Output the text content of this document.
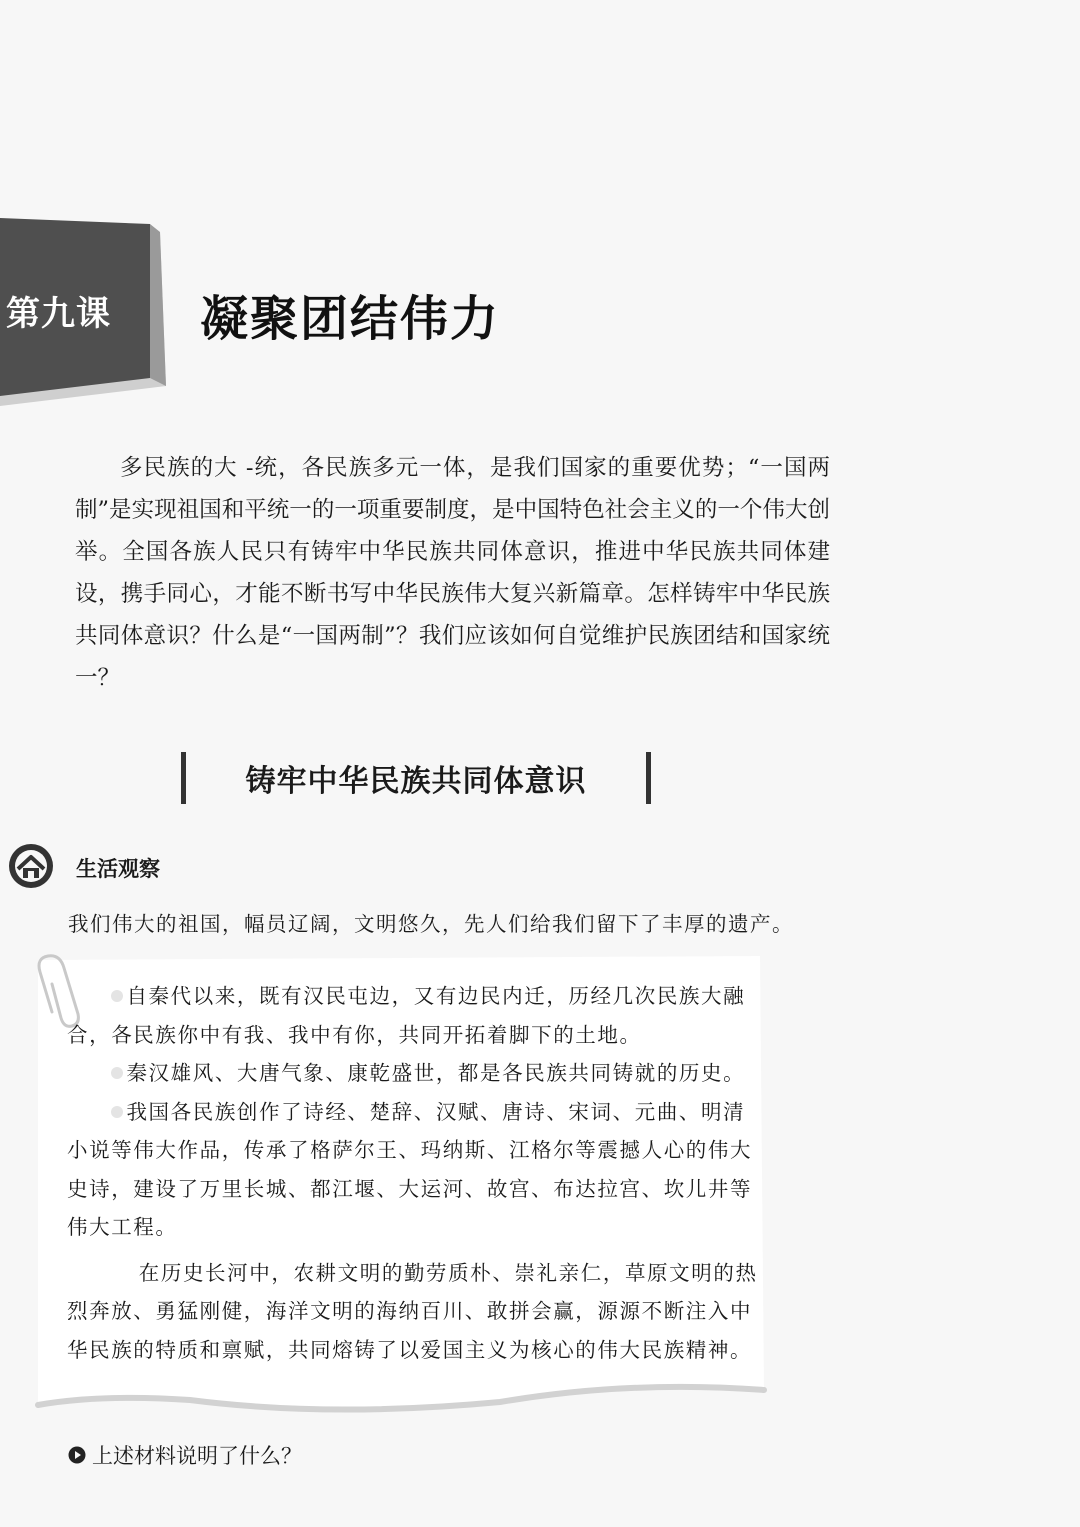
第九课 凝聚团结伟力

多民族的大 -统，各民族多元一体，是我们国家的重要优势；“一国两制”是实现祖国和平统一的一项重要制度，是中国特色社会主义的一个伟大创举。全国各族人民只有铸牢中华民族共同体意识，推进中华民族共同体建设，携手同心，才能不断书写中华民族伟大复兴新篇章。怎样铸牢中华民族共同体意识？什么是“一国两制”？我们应该如何自觉维护民族团结和国家统一？

铸牢中华民族共同体意识
生活观察

我们伟大的祖国，幅员辽阔，文明悠久，先人们给我们留下了丰厚的遗产。

自秦代以来，既有汉民屯边，又有边民内迁，历经几次民族大融合，各民族你中有我、我中有你，共同开拓着脚下的土地。

秦汉雄风、大唐气象、康乾盛世，都是各民族共同铸就的历史。

我国各民族创作了诗经、楚辞、汉赋、唐诗、宋词、元曲、明清小说等伟大作品，传承了格萨尔王、玛纳斯、江格尔等震撼人心的伟大史诗，建设了万里长城、都江堰、大运河、故宫、布达拉宫、坎儿井等伟大工程。

在历史长河中，农耕文明的勤劳质朴、崇礼亲仁，草原文明的热烈奔放、勇猛刚健，海洋文明的海纳百川、敢拼会赢，源源不断注入中华民族的特质和禀赋，共同熔铸了以爱国主义为核心的伟大民族精神。

上述材料说明了什么？
